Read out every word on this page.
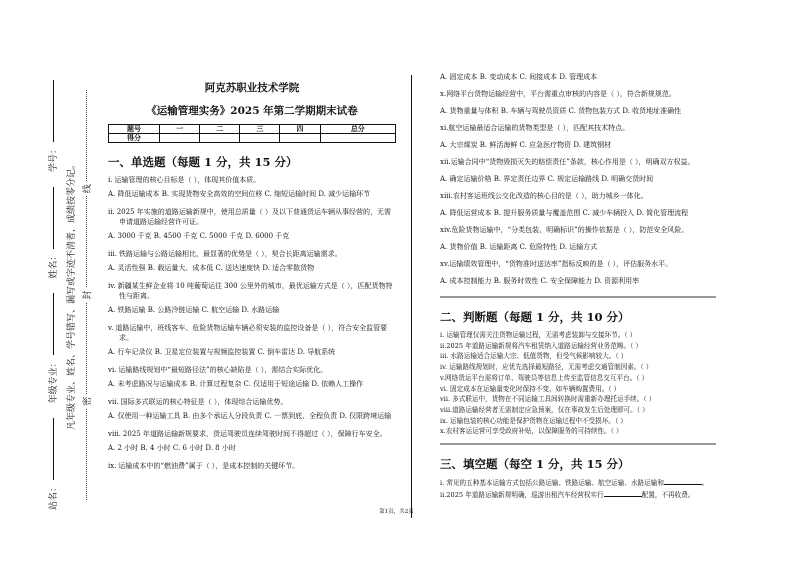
站名：
年级专业：
姓名：
学号：
凡年级专业、姓名、学号错写、漏写或字迹不清者，成绩按零分记。 密
封
线
阿克苏职业技术学院
《运输管理实务》2025 年第二学期期末试卷
题号	一	二	三	四	总分
得分					
一、单选题（每题 1 分，共 15 分）
i. 运输管理的核心目标是（ ），体现其价值本质。
A. 降低运输成本 B. 实现货物安全高效的空间位移 C. 缩短运输时间 D. 减少运输环节
ii. 2025 年实施的道路运输新规中，使用总质量（ ）及以下普通货运车辆从事经营的，无需申请道路运输经营许可证。
A. 3000 千克 B. 4500 千克 C. 5000 千克 D. 6000 千克
iii. 铁路运输与公路运输相比，最显著的优势是（ ），契合长距离运输需求。
A. 灵活性强 B. 载运量大、成本低 C. 送达速度快 D. 适合零散货物
iv. 新疆某生鲜企业将 10 吨葡萄运往 300 公里外的城市，最优运输方式是（ ），匹配货物特性与距离。
A. 铁路运输 B. 公路冷链运输 C. 航空运输 D. 水路运输
v. 道路运输中，班线客车、危险货物运输车辆必须安装的监控设备是（ ），符合安全监管要求。
A. 行车记录仪 B. 卫星定位装置与视频监控装置 C. 倒车雷达 D. 导航系统
vi. 运输路线规划中“最短路径法”的核心缺陷是（ ），需结合实际优化。
A. 未考虑路况与运输成本 B. 计算过程复杂 C. 仅适用于短途运输 D. 依赖人工操作
vii. 国际多式联运的核心特征是（ ），体现综合运输优势。
A. 仅使用一种运输工具 B. 由多个承运人分段负责 C. 一票到底、全程负责 D. 仅限跨境运输
viii. 2025 年道路运输新规要求，货运驾驶员连续驾驶时间不得超过（ ），保障行车安全。
A. 2 小时 B. 4 小时 C. 6 小时 D. 8 小时
ix. 运输成本中的“燃油费”属于（ ），是成本控制的关键环节。
A. 固定成本 B. 变动成本 C. 间接成本 D. 管理成本
x.网络平台货物运输经营中，平台需重点审核的内容是（ ），符合新规规范。
A. 货物重量与体积 B. 车辆与驾驶员资质 C. 货物包装方式 D. 收货地址准确性
xi.航空运输最适合运输的货物类型是（ ），匹配其技术特点。
A. 大宗煤炭 B. 鲜活海鲜 C. 应急医疗物资 D. 建筑钢材
xii.运输合同中“货物毁损灭失的赔偿责任”条款，核心作用是（ ），明确双方权益。
A. 确定运输价格 B. 界定责任边界 C. 规定运输路线 D. 明确交货时间
xiii.农村客运班线公交化改造的核心目的是（ ），助力城乡一体化。
A. 降低运营成本 B. 提升服务质量与覆盖范围 C. 减少车辆投入 D. 简化管理流程
xiv.危险货物运输中，“分类包装、明确标识”的操作依据是（ ），防范安全风险。
A. 货物价值 B. 运输距离 C. 危险特性 D. 运输方式
xv.运输绩效管理中，“货物准时送达率”指标反映的是（ ），评估服务水平。
A. 成本控制能力 B. 服务时效性 C. 安全保障能力 D. 资源利用率
二、判断题（每题 1 分，共 10 分）
i. 运输管理仅需关注货物运输过程，无需考虑装卸与交接环节。（ ）
ii.2025 年道路运输新规将汽车租赁纳入道路运输经营业务范畴。（ ）
iii. 水路运输适合运输大宗、低值货物，但受气候影响较大。（ ）
iv. 运输路线规划时，应优先选择最短路径，无需考虑交通管制因素。（ ）
v.网络货运平台需将订单、驾驶员等信息上传至监管信息交互平台。（ ）
vi. 固定成本在运输量变化时保持不变，如车辆购置费用。（ ）
vii. 多式联运中，货物在不同运输工具间转换时需重新办理托运手续。（ ）
viii.道路运输经营者无需制定应急预案，仅在事故发生后处理即可。（ ）
ix. 运输包装的核心功能是保护货物在运输过程中不受损坏。（ ）
x.农村客运运营可享受政府补贴，以保障服务的可持续性。（ ）
三、填空题（每空 1 分，共 15 分）
i. 常见的五种基本运输方式包括公路运输、铁路运输、航空运输、水路运输和	。
ii.2025 年道路运输新规明确，巡游出租汽车经营权实行	配置，不再收费。
第1页，共2页
